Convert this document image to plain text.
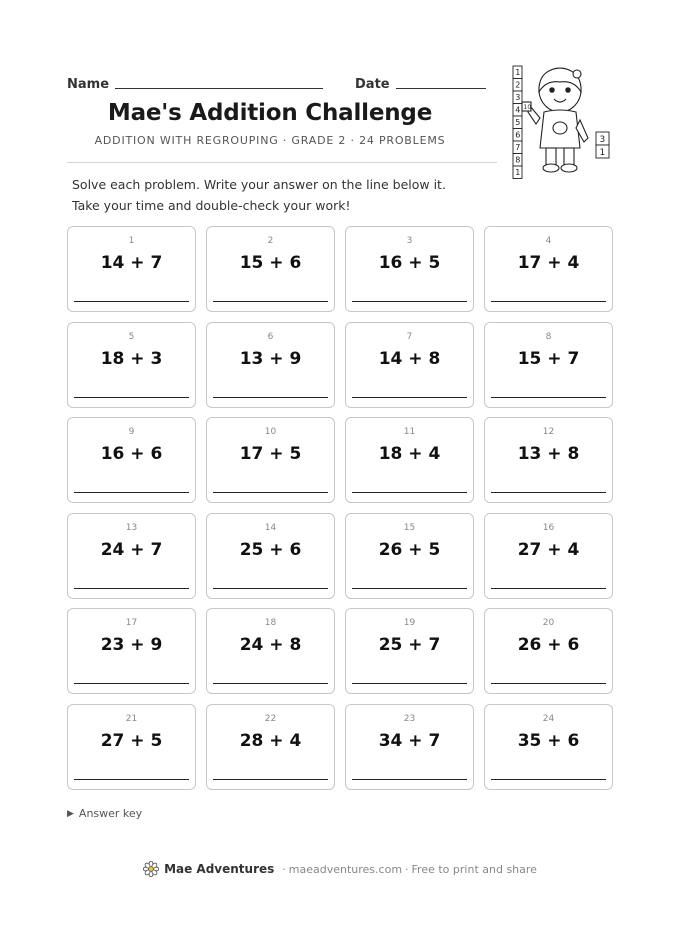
Name	Date
Mae's Addition Challenge
ADDITION WITH REGROUPING · GRADE 2 · 24 PROBLEMS
1
2
3
4
5
6
7
8
1
10
3
1
Solve each problem. Write your answer on the line below it. Take your time and double-check your work!
1
14 + 7
2
15 + 6
3
16 + 5
4
17 + 4
5
18 + 3
6
13 + 9
7
14 + 8
8
15 + 7
9
16 + 6
10
17 + 5
11
18 + 4
12
13 + 8
13
24 + 7
14
25 + 6
15
26 + 5
16
27 + 4
17
23 + 9
18
24 + 8
19
25 + 7
20
26 + 6
21
27 + 5
22
28 + 4
23
34 + 7
24
35 + 6
▶ Answer key
Mae Adventures · maeadventures.com · Free to print and share
